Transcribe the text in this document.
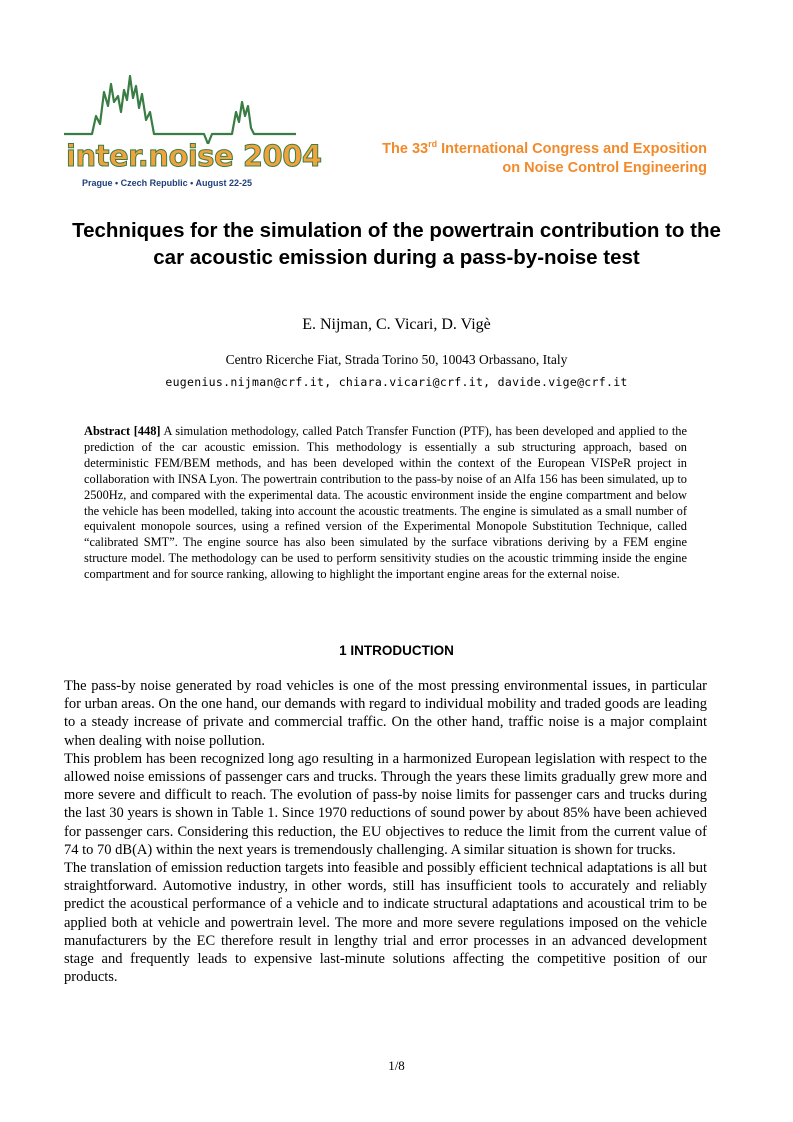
inter.noise 2004
Prague • Czech Republic • August 22-25
The 33rd International Congress and Exposition
on Noise Control Engineering
Techniques for the simulation of the powertrain contribution to the car acoustic emission during a pass-by-noise test
E. Nijman, C. Vicari, D. Vigè
Centro Ricerche Fiat, Strada Torino 50, 10043 Orbassano, Italy
eugenius.nijman@crf.it, chiara.vicari@crf.it, davide.vige@crf.it

Abstract [448] A simulation methodology, called Patch Transfer Function (PTF), has been developed and applied to the prediction of the car acoustic emission. This methodology is essentially a sub structuring approach, based on deterministic FEM/BEM methods, and has been developed within the context of the European VISPeR project in collaboration with INSA Lyon. The powertrain contribution to the pass-by noise of an Alfa 156 has been simulated, up to 2500Hz, and compared with the experimental data. The acoustic environment inside the engine compartment and below the vehicle has been modelled, taking into account the acoustic treatments. The engine is simulated as a small number of equivalent monopole sources, using a refined version of the Experimental Monopole Substitution Technique, called “calibrated SMT”. The engine source has also been simulated by the surface vibrations deriving by a FEM engine structure model. The methodology can be used to perform sensitivity studies on the acoustic trimming inside the engine compartment and for source ranking, allowing to highlight the important engine areas for the external noise.

1 INTRODUCTION

The pass-by noise generated by road vehicles is one of the most pressing environmental issues, in particular for urban areas. On the one hand, our demands with regard to individual mobility and traded goods are leading to a steady increase of private and commercial traffic. On the other hand, traffic noise is a major complaint when dealing with noise pollution.

This problem has been recognized long ago resulting in a harmonized European legislation with respect to the allowed noise emissions of passenger cars and trucks. Through the years these limits gradually grew more and more severe and difficult to reach. The evolution of pass-by noise limits for passenger cars and trucks during the last 30 years is shown in Table 1. Since 1970 reductions of sound power by about 85% have been achieved for passenger cars. Considering this reduction, the EU objectives to reduce the limit from the current value of 74 to 70 dB(A) within the next years is tremendously challenging. A similar situation is shown for trucks.

The translation of emission reduction targets into feasible and possibly efficient technical adaptations is all but straightforward. Automotive industry, in other words, still has insufficient tools to accurately and reliably predict the acoustical performance of a vehicle and to indicate structural adaptations and acoustical trim to be applied both at vehicle and powertrain level. The more and more severe regulations imposed on the vehicle manufacturers by the EC therefore result in lengthy trial and error processes in an advanced development stage and frequently leads to expensive last-minute solutions affecting the competitive position of our products.

1/8
